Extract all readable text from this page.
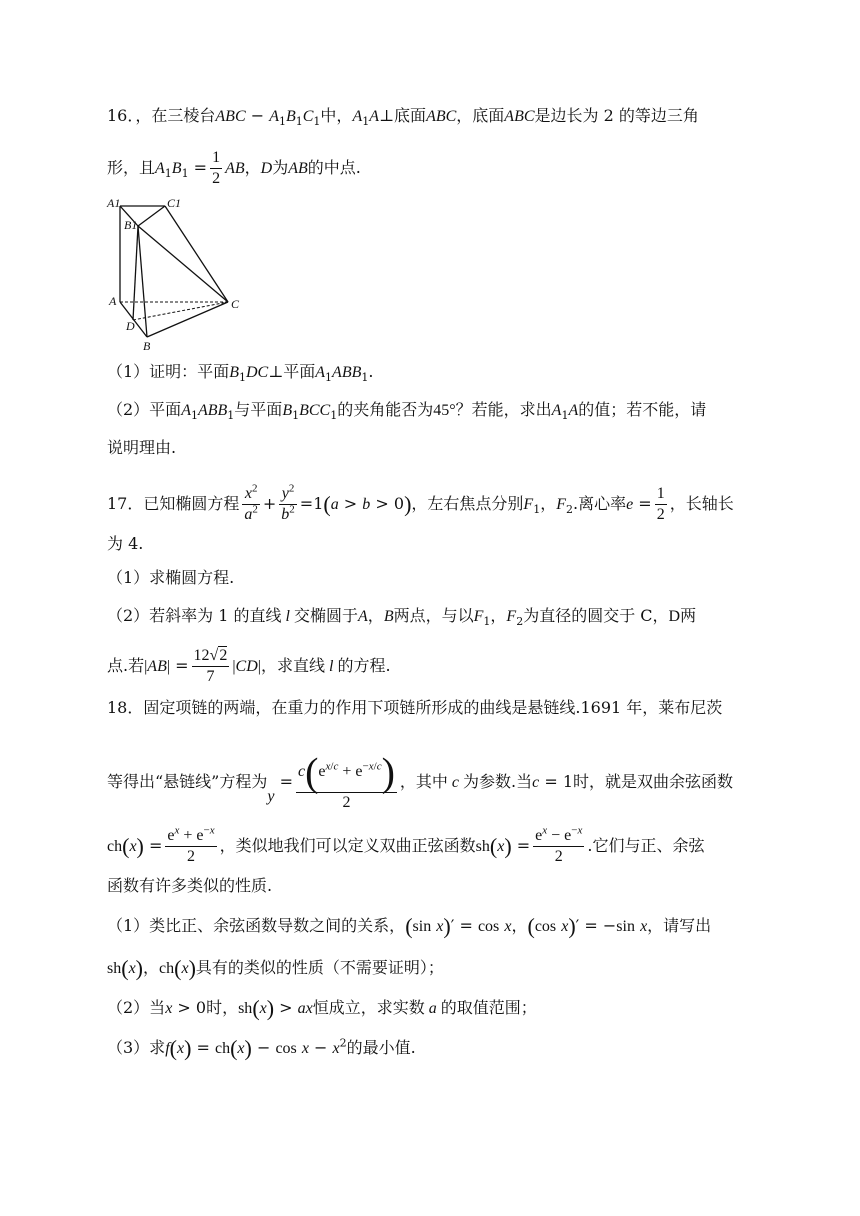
16．，在三棱台ABC − $A_1B_1C_1$中，$A_1A\perp$底面ABC，底面ABC是边长为 2 的等边三角
形，且$A_1B_1 = \frac{1}{2}$ AB，D为AB的中点.
A1	C1
B1
A	C
D
B
（1）证明：平面$B_1DC\perp$平面$A_1ABB_1$.
（2）平面$A_1ABB_1$与平面$B_1BCC_1$的夹角能否为45°？若能，求出$A_1A$的值；若不能，请
说明理由.
17．已知椭圆方程 $\frac{x^2}{a^2} + \frac{y^2}{b^2} =1(a > b > 0)$，左右焦点分别$F_1$，$F_2$.离心率$e = \frac{1}{2}$ ，长轴长
为 4.
（1）求椭圆方程.
（2）若斜率为 1 的直线 l 交椭圆于A，B两点，与以$F_1$，$F_2$为直径的圆交于 C，D两
点.若$|AB| = \frac{12√2}{7} |CD|$，求直线 l 的方程.
18．固定项链的两端，在重力的作用下项链所形成的曲线是悬链线.1691 年，莱布尼茨
等得出“悬链线”方程为$y = \frac{c(e^{x/c} + e^{-x/c})}{2}$ ，其中 c 为参数.当c = 1时，就是双曲余弦函数
$ch(x) = \frac{e^x + e^{-x}}{2}$ ，类似地我们可以定义双曲正弦函数$sh(x) = \frac{e^x - e^{-x}}{2}$ .它们与正、余弦
函数有许多类似的性质.
（1）类比正、余弦函数导数之间的关系，(sin x)′ = cos x，(cos x)′ = −sin x，请写出
sh(x)，ch(x)具有的类似的性质（不需要证明）；
（2）当x > 0时，sh(x) > ax恒成立，求实数 a 的取值范围；
（3）求$f(x) = ch(x) - \cos x - x^2$的最小值.
